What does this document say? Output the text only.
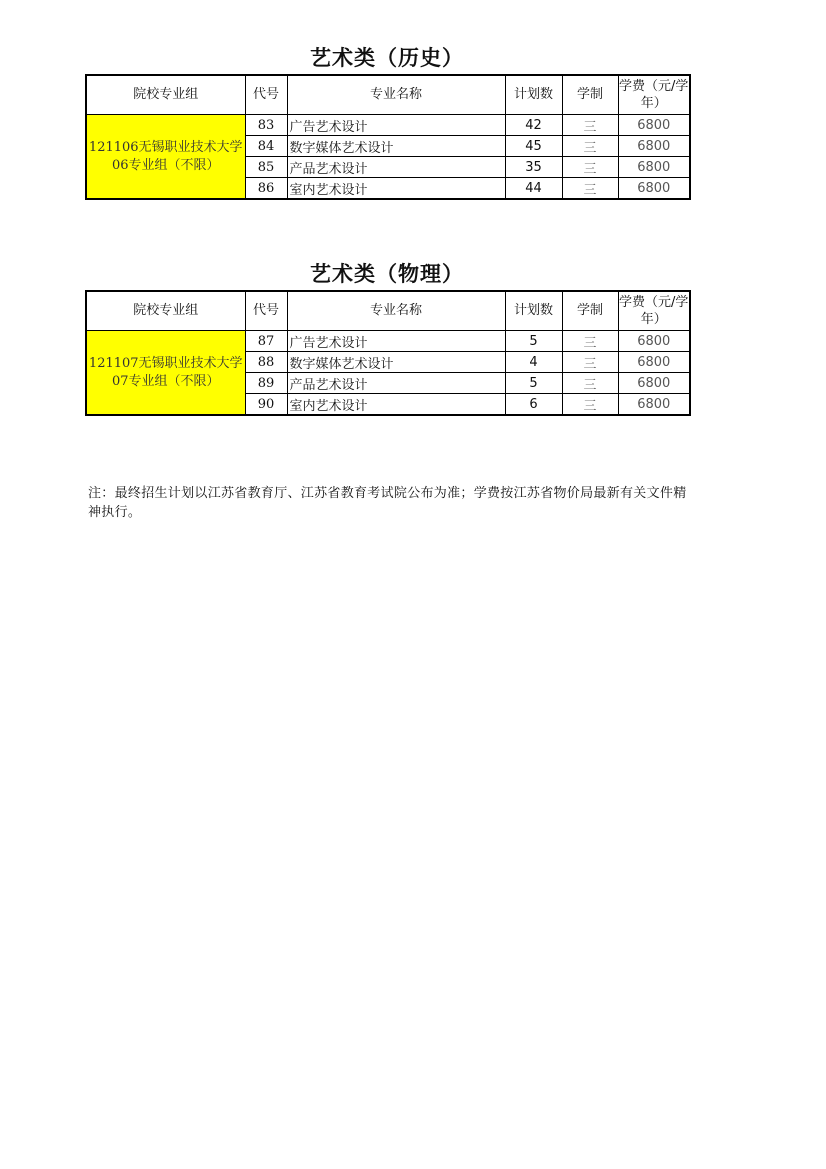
艺术类（历史）
院校专业组	代号	专业名称	计划数	学制	学费（元/学年）

121106无锡职业技术大学
06专业组（不限）	83	广告艺术设计	42	三	6800
	84	数字媒体艺术设计	45	三	6800
	85	产品艺术设计	35	三	6800
	86	室内艺术设计	44	三	6800
艺术类（物理）
院校专业组	代号	专业名称	计划数	学制	学费（元/学年）

121107无锡职业技术大学
07专业组（不限）	87	广告艺术设计	5	三	6800
	88	数字媒体艺术设计	4	三	6800
	89	产品艺术设计	5	三	6800
	90	室内艺术设计	6	三	6800
注：最终招生计划以江苏省教育厅、江苏省教育考试院公布为准；学费按江苏省物价局最新有关文件精神执行。
